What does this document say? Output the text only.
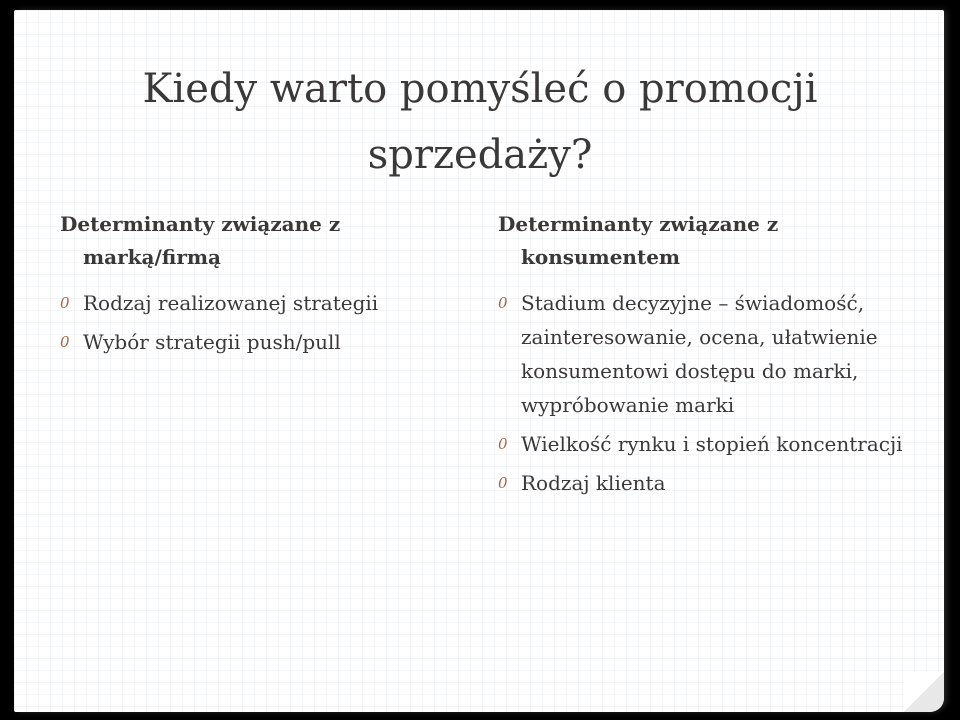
Kiedy warto pomyśleć o promocji sprzedaży?
Determinanty związane z
marką/firmą
0 Rodzaj realizowanej strategii
0 Wybór strategii push/pull
Determinanty związane z
konsumentem
0 Stadium decyzyjne – świadomość, zainteresowanie, ocena, ułatwienie konsumentowi dostępu do marki, wypróbowanie marki
0 Wielkość rynku i stopień koncentracji
0 Rodzaj klienta
